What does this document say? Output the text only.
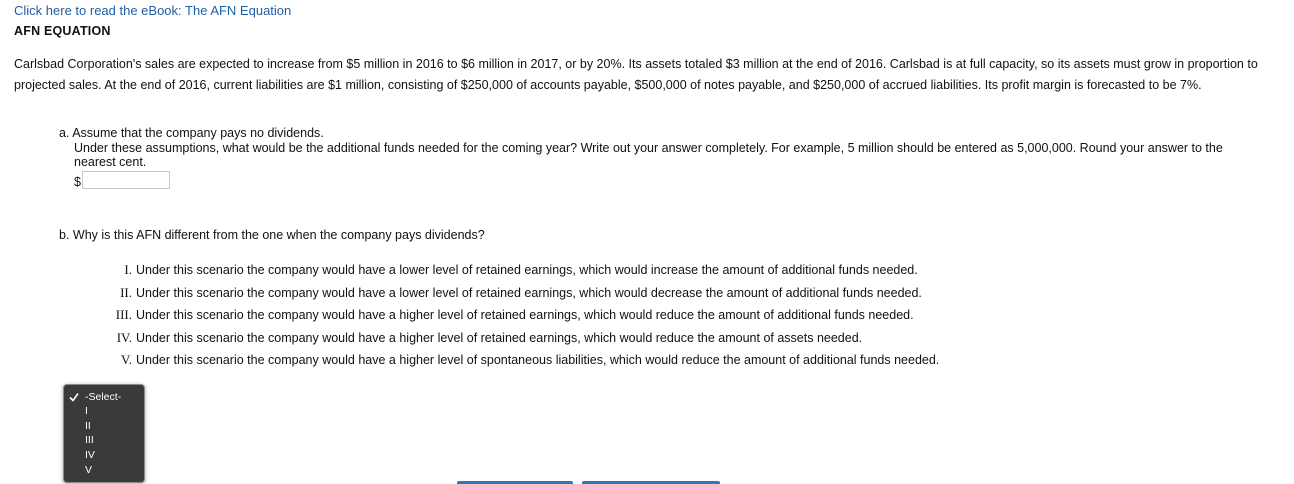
Click here to read the eBook: The AFN Equation
AFN EQUATION
Carlsbad Corporation's sales are expected to increase from $5 million in 2016 to $6 million in 2017, or by 20%. Its assets totaled $3 million at the end of 2016. Carlsbad is at full capacity, so its assets must grow in proportion to projected sales. At the end of 2016, current liabilities are $1 million, consisting of $250,000 of accounts payable, $500,000 of notes payable, and $250,000 of accrued liabilities. Its profit margin is forecasted to be 7%.
a. Assume that the company pays no dividends.
Under these assumptions, what would be the additional funds needed for the coming year? Write out your answer completely. For example, 5 million should be entered as 5,000,000. Round your answer to the nearest cent.
$
b. Why is this AFN different from the one when the company pays dividends?
I. Under this scenario the company would have a lower level of retained earnings, which would increase the amount of additional funds needed.
II. Under this scenario the company would have a lower level of retained earnings, which would decrease the amount of additional funds needed.
III. Under this scenario the company would have a higher level of retained earnings, which would reduce the amount of additional funds needed.
IV. Under this scenario the company would have a higher level of retained earnings, which would reduce the amount of assets needed.
V. Under this scenario the company would have a higher level of spontaneous liabilities, which would reduce the amount of additional funds needed.
-Select-
I
II
III
IV
V
